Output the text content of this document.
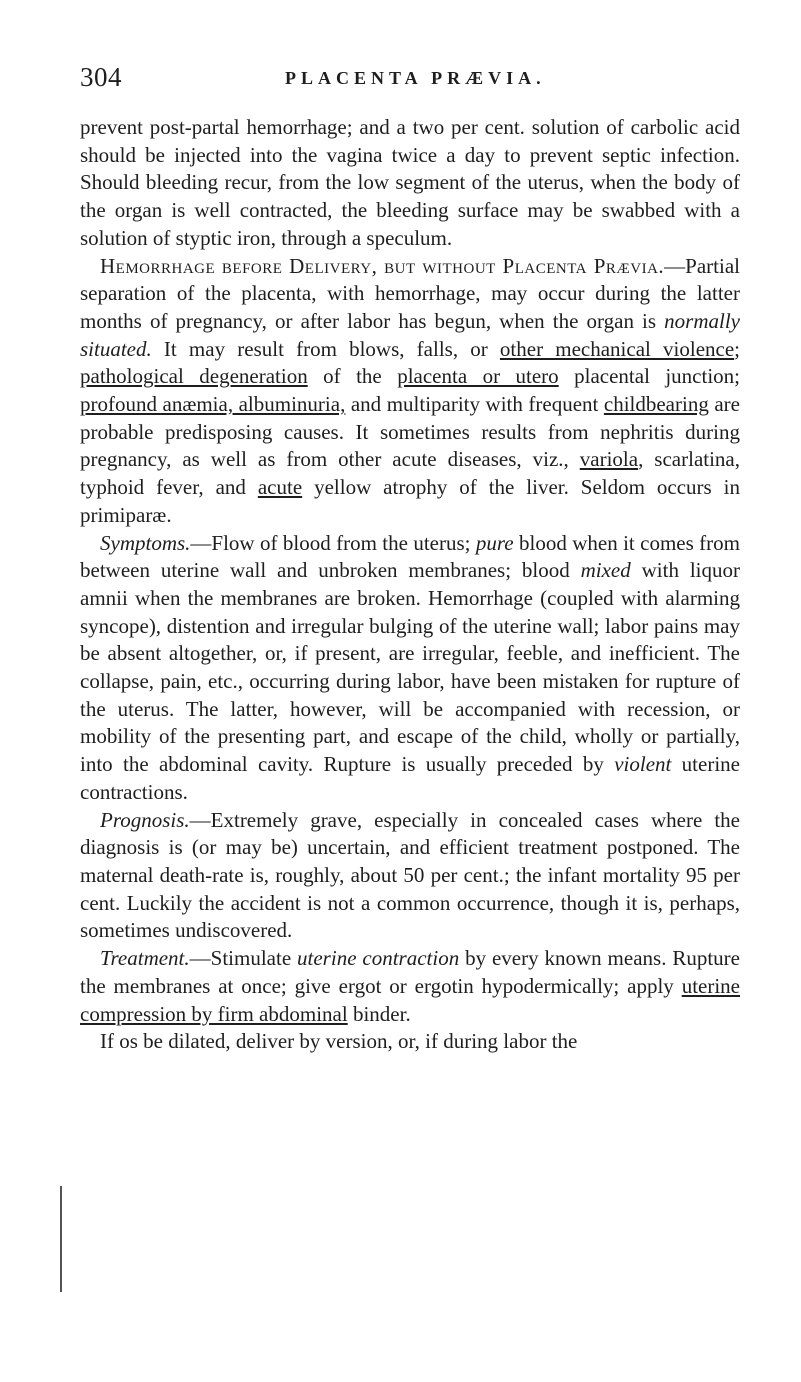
304	PLACENTA PRÆVIA.

prevent post-partal hemorrhage; and a two per cent. solution of carbolic acid should be injected into the vagina twice a day to prevent septic infection. Should bleeding recur, from the low segment of the uterus, when the body of the organ is well contracted, the bleeding surface may be swabbed with a solution of styptic iron, through a speculum.

Hemorrhage before Delivery, but without Placenta Prævia.—Partial separation of the placenta, with hemorrhage, may occur during the latter months of pregnancy, or after labor has begun, when the organ is normally situated. It may result from blows, falls, or other mechanical violence; pathological degeneration of the placenta or utero placental junction; profound anæmia, albuminuria, and multiparity with frequent childbearing are probable predisposing causes. It sometimes results from nephritis during pregnancy, as well as from other acute diseases, viz., variola, scarlatina, typhoid fever, and acute yellow atrophy of the liver. Seldom occurs in primiparæ.

Symptoms.—Flow of blood from the uterus; pure blood when it comes from between uterine wall and unbroken membranes; blood mixed with liquor amnii when the membranes are broken. Hemorrhage (coupled with alarming syncope), distention and irregular bulging of the uterine wall; labor pains may be absent altogether, or, if present, are irregular, feeble, and inefficient. The collapse, pain, etc., occurring during labor, have been mistaken for rupture of the uterus. The latter, however, will be accompanied with recession, or mobility of the presenting part, and escape of the child, wholly or partially, into the abdominal cavity. Rupture is usually preceded by violent uterine contractions.

Prognosis.—Extremely grave, especially in concealed cases where the diagnosis is (or may be) uncertain, and efficient treatment postponed. The maternal death-rate is, roughly, about 50 per cent.; the infant mortality 95 per cent. Luckily the accident is not a common occurrence, though it is, perhaps, sometimes undiscovered.

Treatment.—Stimulate uterine contraction by every known means. Rupture the membranes at once; give ergot or ergotin hypodermically; apply uterine compression by firm abdominal binder.

If os be dilated, deliver by version, or, if during labor the
